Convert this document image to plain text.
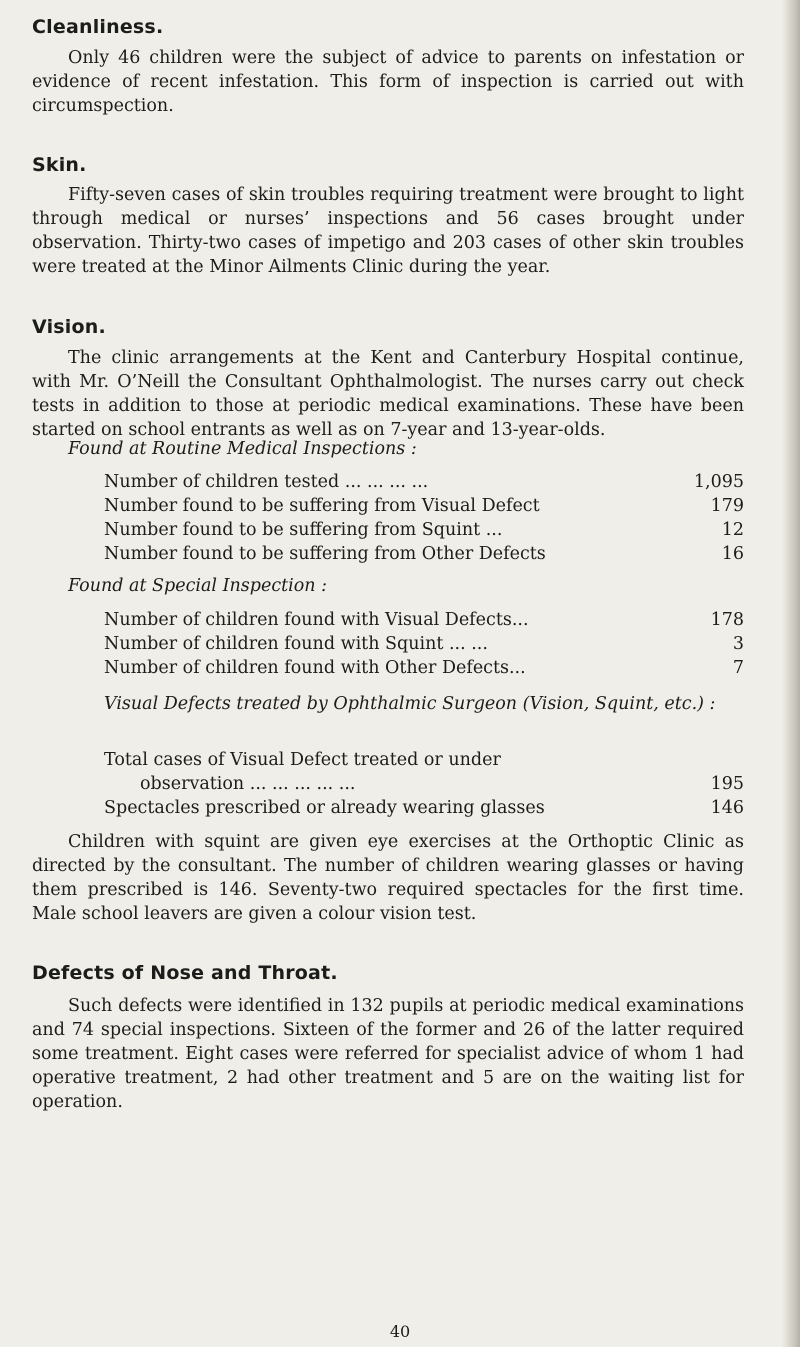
Cleanliness.
Only 46 children were the subject of advice to parents on infestation or evidence of recent infestation. This form of inspection is carried out with circumspection.
Skin.
Fifty-seven cases of skin troubles requiring treatment were brought to light through medical or nurses’ inspections and 56 cases brought under observation. Thirty-two cases of impetigo and 203 cases of other skin troubles were treated at the Minor Ailments Clinic during the year.
Vision.
The clinic arrangements at the Kent and Canterbury Hospital continue, with Mr. O’Neill the Consultant Ophthalmologist. The nurses carry out check tests in addition to those at periodic medical examinations. These have been started on school entrants as well as on 7-year and 13-year-olds.
Found at Routine Medical Inspections :
Number of children tested ... ... ... ...	1,095
Number found to be suffering from Visual Defect	179
Number found to be suffering from Squint ...	12
Number found to be suffering from Other Defects	16
Found at Special Inspection :
Number of children found with Visual Defects...	178
Number of children found with Squint ... ...	3
Number of children found with Other Defects...	7
Visual Defects treated by Ophthalmic Surgeon (Vision, Squint, etc.) :
Total cases of Visual Defect treated or under
observation ... ... ... ... ...	195
Spectacles prescribed or already wearing glasses	146
Children with squint are given eye exercises at the Orthoptic Clinic as directed by the consultant. The number of children wearing glasses or having them prescribed is 146. Seventy-two required spectacles for the first time. Male school leavers are given a colour vision test.
Defects of Nose and Throat.
Such defects were identified in 132 pupils at periodic medical examinations and 74 special inspections. Sixteen of the former and 26 of the latter required some treatment. Eight cases were referred for specialist advice of whom 1 had operative treatment, 2 had other treatment and 5 are on the waiting list for operation.
40
